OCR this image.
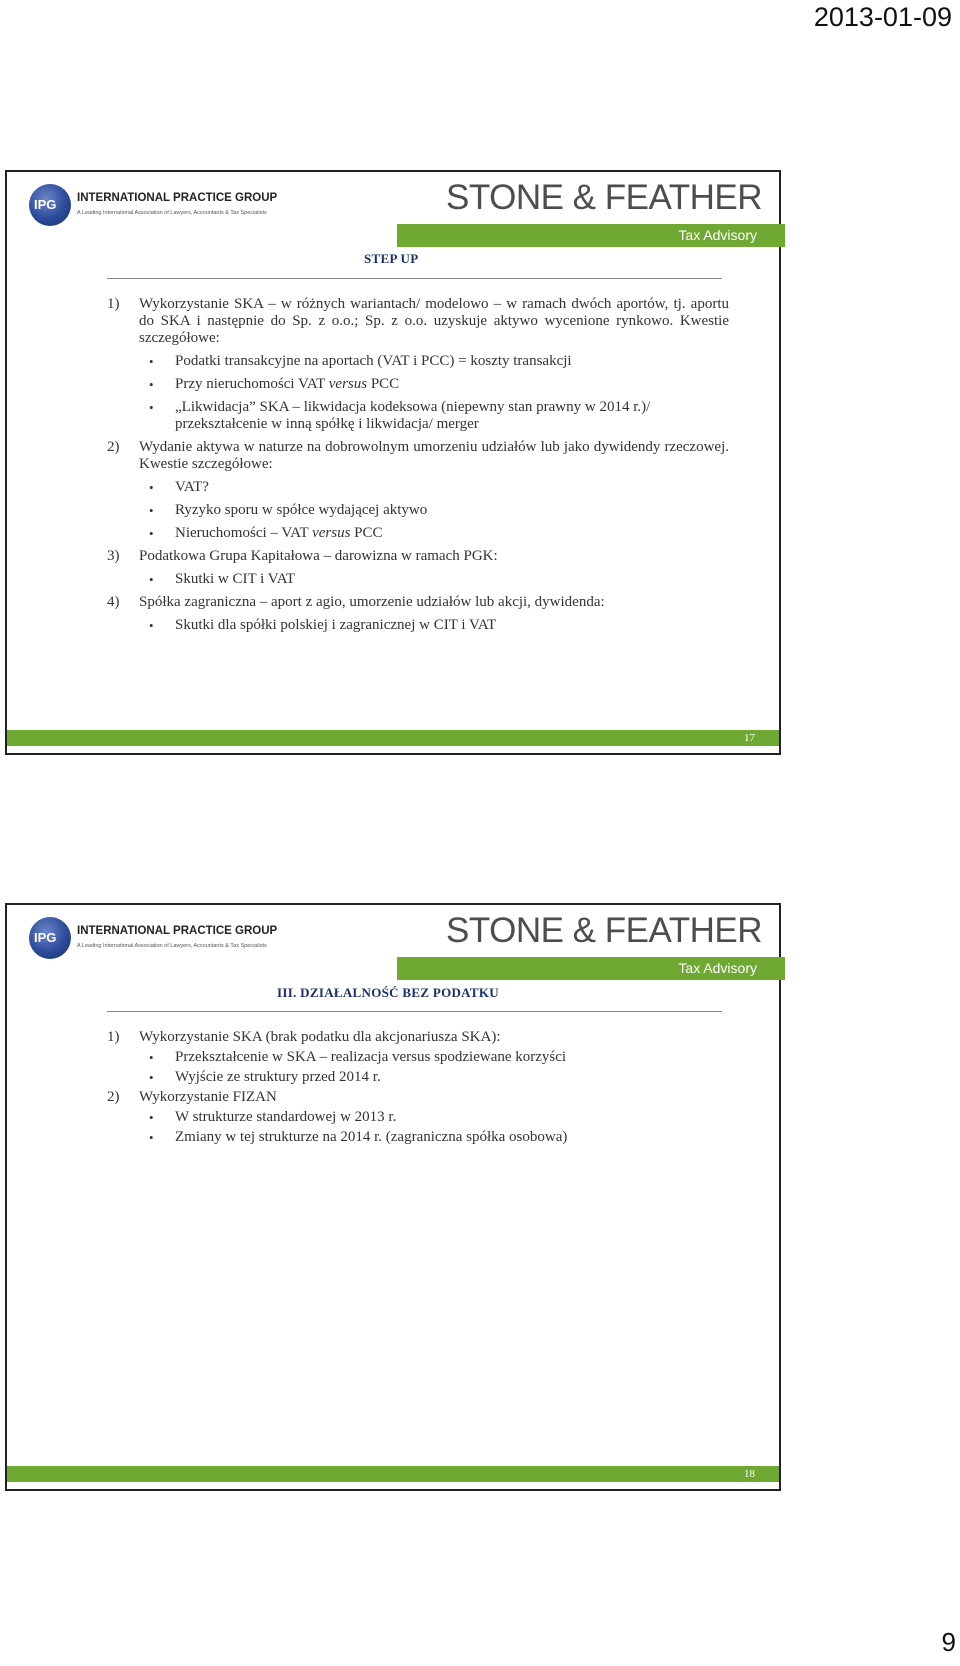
2013-01-09
IPG INTERNATIONAL PRACTICE GROUP
A Leading International Association of Lawyers, Accountants & Tax Specialists	STONE & FEATHER
Tax Advisory
STEP UP
1) Wykorzystanie SKA – w różnych wariantach/ modelowo – w ramach dwóch aportów, tj. aportu do SKA i następnie do Sp. z o.o.; Sp. z o.o. uzyskuje aktywo wycenione rynkowo. Kwestie szczegółowe:
• Podatki transakcyjne na aportach (VAT i PCC) = koszty transakcji
• Przy nieruchomości VAT versus PCC
• „Likwidacja” SKA – likwidacja kodeksowa (niepewny stan prawny w 2014 r.)/ przekształcenie w inną spółkę i likwidacja/ merger
2) Wydanie aktywa w naturze na dobrowolnym umorzeniu udziałów lub jako dywidendy rzeczowej. Kwestie szczegółowe:
• VAT?
• Ryzyko sporu w spółce wydającej aktywo
• Nieruchomości – VAT versus PCC
3) Podatkowa Grupa Kapitałowa – darowizna w ramach PGK:
• Skutki w CIT i VAT
4) Spółka zagraniczna – aport z agio, umorzenie udziałów lub akcji, dywidenda:
• Skutki dla spółki polskiej i zagranicznej w CIT i VAT
17
IPG INTERNATIONAL PRACTICE GROUP
A Leading International Association of Lawyers, Accountants & Tax Specialists	STONE & FEATHER
Tax Advisory
III. DZIAŁALNOŚĆ BEZ PODATKU
1) Wykorzystanie SKA (brak podatku dla akcjonariusza SKA):
• Przekształcenie w SKA – realizacja versus spodziewane korzyści
• Wyjście ze struktury przed 2014 r.
2) Wykorzystanie FIZAN
• W strukturze standardowej w 2013 r.
• Zmiany w tej strukturze na 2014 r. (zagraniczna spółka osobowa)
18
9
